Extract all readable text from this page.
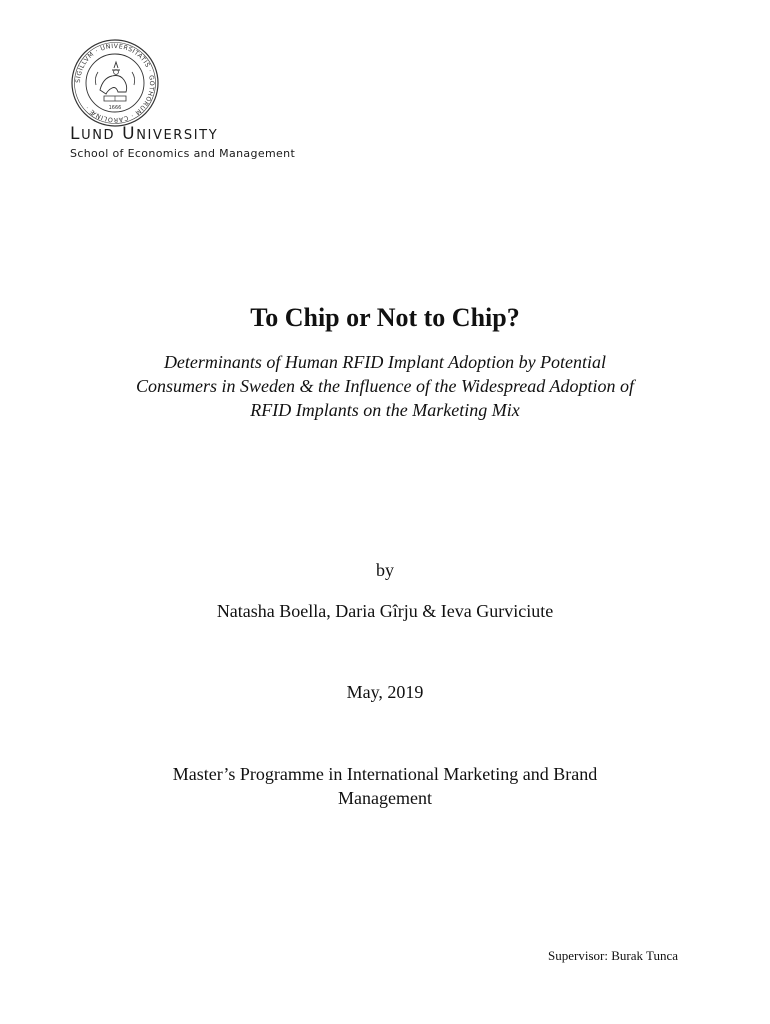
SIGILLVM · UNIVERSITATIS · GOTHORUM · CAROLINÆ ·	1666
LUND UNIVERSITY
School of Economics and Management
To Chip or Not to Chip?
Determinants of Human RFID Implant Adoption by Potential
Consumers in Sweden & the Influence of the Widespread Adoption of
RFID Implants on the Marketing Mix
by
Natasha Boella, Daria Gîrju & Ieva Gurviciute
May, 2019
Master’s Programme in International Marketing and Brand
Management
Supervisor: Burak Tunca
